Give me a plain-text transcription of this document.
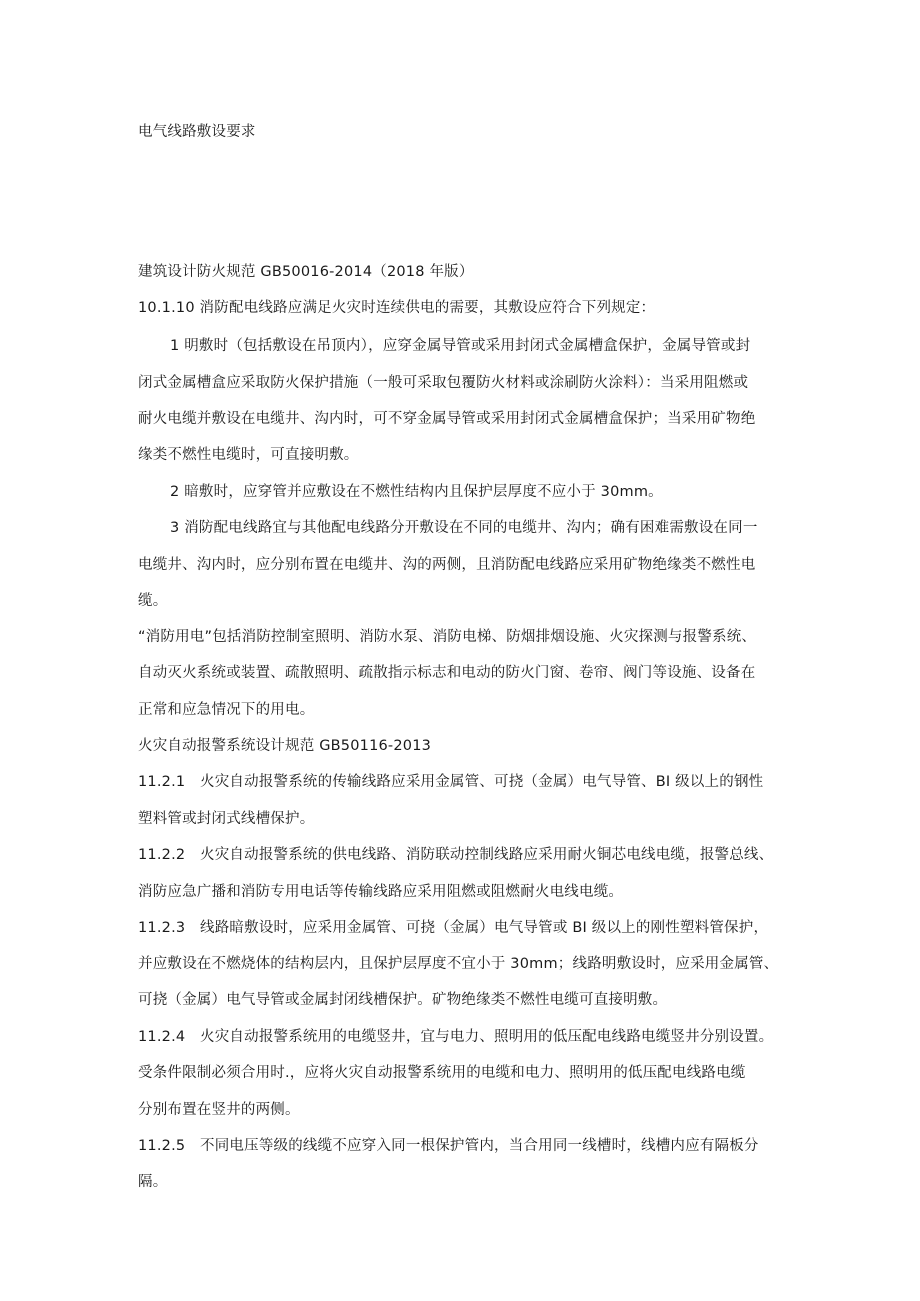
电气线路敷设要求
建筑设计防火规范 GB50016-2014（2018 年版）
10.1.10 消防配电线路应满足火灾时连续供电的需要，其敷设应符合下列规定：
1 明敷时（包括敷设在吊顶内），应穿金属导管或采用封闭式金属槽盒保护，金属导管或封
闭式金属槽盒应采取防火保护措施（一般可采取包覆防火材料或涂刷防火涂料）：当采用阻燃或
耐火电缆并敷设在电缆井、沟内时，可不穿金属导管或采用封闭式金属槽盒保护；当采用矿物绝
缘类不燃性电缆时，可直接明敷。
2 暗敷时，应穿管并应敷设在不燃性结构内且保护层厚度不应小于 30mm。
3 消防配电线路宜与其他配电线路分开敷设在不同的电缆井、沟内；确有困难需敷设在同一
电缆井、沟内时，应分别布置在电缆井、沟的两侧，且消防配电线路应采用矿物绝缘类不燃性电
缆。
“消防用电”包括消防控制室照明、消防水泵、消防电梯、防烟排烟设施、火灾探测与报警系统、
自动灭火系统或装置、疏散照明、疏散指示标志和电动的防火门窗、卷帘、阀门等设施、设备在
正常和应急情况下的用电。
火灾自动报警系统设计规范 GB50116-2013
11.2.1　火灾自动报警系统的传输线路应采用金属管、可挠（金属）电气导管、BI 级以上的钢性
塑料管或封闭式线槽保护。
11.2.2　火灾自动报警系统的供电线路、消防联动控制线路应采用耐火铜芯电线电缆，报警总线、
消防应急广播和消防专用电话等传输线路应采用阻燃或阻燃耐火电线电缆。
11.2.3　线路暗敷设时，应采用金属管、可挠（金属）电气导管或 BI 级以上的刚性塑料管保护，
并应敷设在不燃烧体的结构层内，且保护层厚度不宜小于 30mm；线路明敷设时，应采用金属管、
可挠（金属）电气导管或金属封闭线槽保护。矿物绝缘类不燃性电缆可直接明敷。
11.2.4　火灾自动报警系统用的电缆竖井，宜与电力、照明用的低压配电线路电缆竖井分别设置。
受条件限制必须合用时.，应将火灾自动报警系统用的电缆和电力、照明用的低压配电线路电缆
分别布置在竖井的两侧。
11.2.5　不同电压等级的线缆不应穿入同一根保护管内，当合用同一线槽时，线槽内应有隔板分
隔。
